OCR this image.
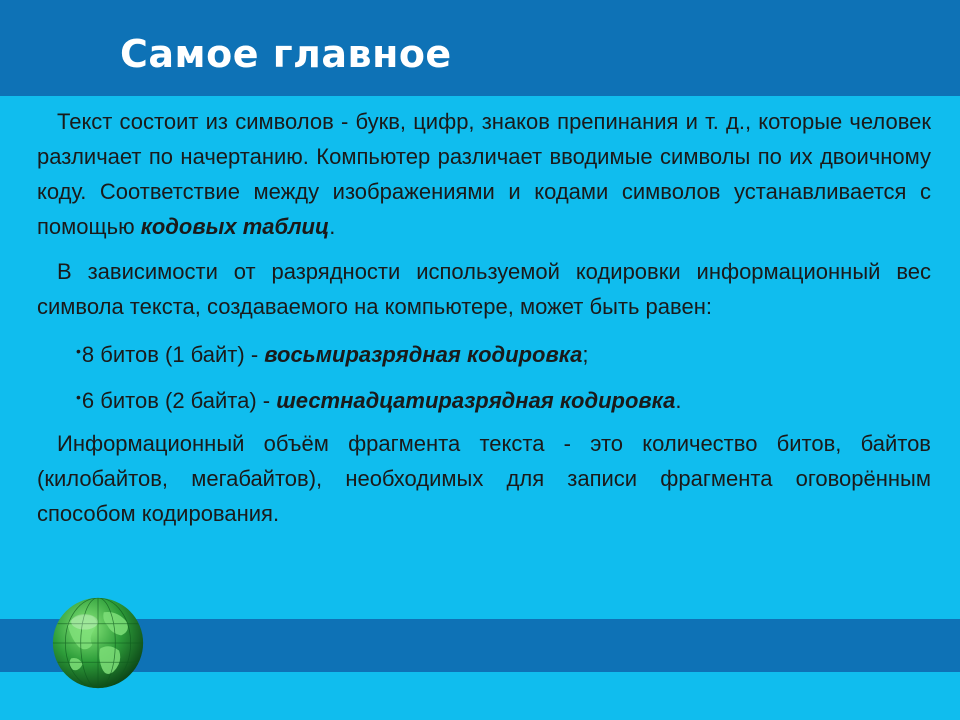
Самое главное

Текст состоит из символов - букв, цифр, знаков препинания и т. д., которые человек различает по начертанию. Компьютер различает вводимые символы по их двоичному коду. Соответствие между изображениями и кодами символов устанавливается с помощью кодовых таблиц.

В зависимости от разрядности используемой кодировки информационный вес символа текста, создаваемого на компьютере, может быть равен:

•8 битов (1 байт) - восьмиразрядная кодировка;
•6 битов (2 байта) - шестнадцатиразрядная кодировка.

Информационный объём фрагмента текста - это количество битов, байтов (килобайтов, мегабайтов), необходимых для записи фрагмента оговорённым способом кодирования.
